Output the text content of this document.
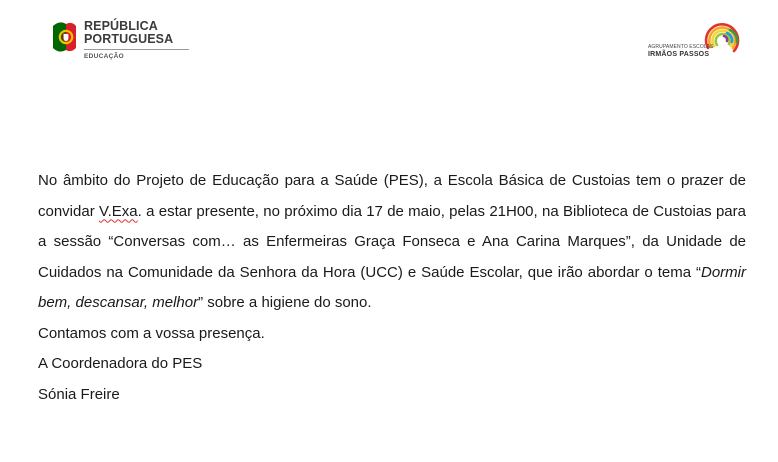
REPÚBLICA
PORTUGUESA
EDUCAÇÃO
AGRUPAMENTO ESCOLAS
IRMÃOS PASSOS

No âmbito do Projeto de Educação para a Saúde (PES), a Escola Básica de Custoias tem o prazer de convidar V.Exa. a estar presente, no próximo dia 17 de maio, pelas 21H00, na Biblioteca de Custoias para a sessão “Conversas com… as Enfermeiras Graça Fonseca e Ana Carina Marques”, da Unidade de Cuidados na Comunidade da Senhora da Hora (UCC) e Saúde Escolar, que irão abordar o tema “Dormir bem, descansar, melhor” sobre a higiene do sono.

Contamos com a vossa presença.

A Coordenadora do PES

Sónia Freire
